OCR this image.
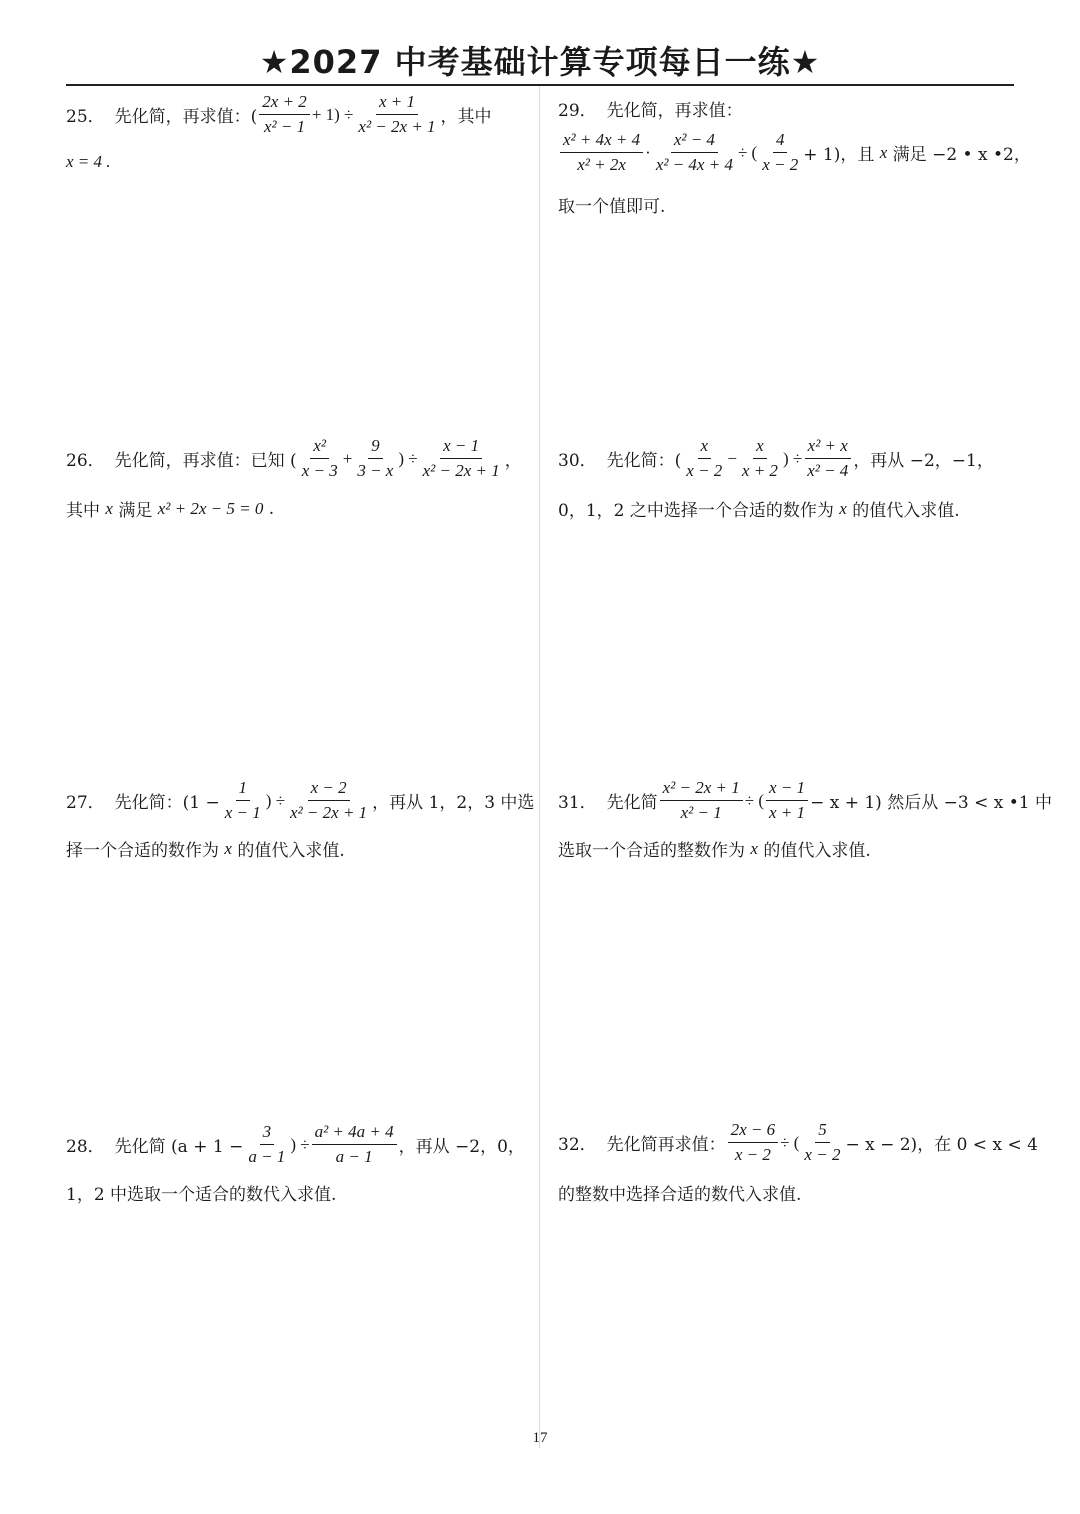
★2027 中考基础计算专项每日一练★
25． 先化简，再求值：( $\frac{2x + 2}{\text{x² − 1}} + 1) \div \frac{x + 1}{\text{x² − 2x + 1}}$ ，其中
x = 4 .
26． 先化简，再求值：已知 ( $\frac{\text{x²}}{x - 3} + \frac{9}{3 - x}$ ) ÷ $\frac{x - 1}{\text{x² − 2x + 1}}$ ，
其中 x 满足 x² + 2x − 5 = 0 .
27． 先化简：($1 - \frac{1}{x - 1}$ ) ÷ $\frac{x - 2}{\text{x² − 2x + 1}}$ ，再从 1，2，3 中选
择一个合适的数作为 x 的值代入求值.
28． 先化简 ($a + 1 - \frac{3}{a - 1}$ ) ÷ $\frac{\text{a² + 4a + 4}}{a - 1}$ ，再从 −2，0，
1，2 中选取一个适合的数代入求值.
29． 先化简，再求值：
$\frac{\text{x² + 4x + 4}}{\text{x² + 2x}} \cdot \frac{\text{x² − 4}}{\text{x² − 4x + 4}}$ ÷ ( $\frac{4}{x - 2} + 1$)，且 x 满足 −2 • x •2，
取一个值即可.
30． 先化简：( $\frac{x}{x - 2} - \frac{x}{x + 2}$ ) ÷ $\frac{\text{x² + x}}{\text{x² − 4}}$ ，再从 −2，−1，
0，1，2 之中选择一个合适的数作为 x 的值代入求值.
31． 先化简 $\frac{\text{x² − 2x + 1}}{\text{x² − 1}}$ ÷ ( $\frac{x - 1}{x + 1} - x + 1$) 然后从 −3 < x •1 中
选取一个合适的整数作为 x 的值代入求值.
32． 先化简再求值： $\frac{2x - 6}{x - 2}$ ÷ ( $\frac{5}{x - 2} - x - 2$)，在 0 < x < 4
的整数中选择合适的数代入求值.
17
